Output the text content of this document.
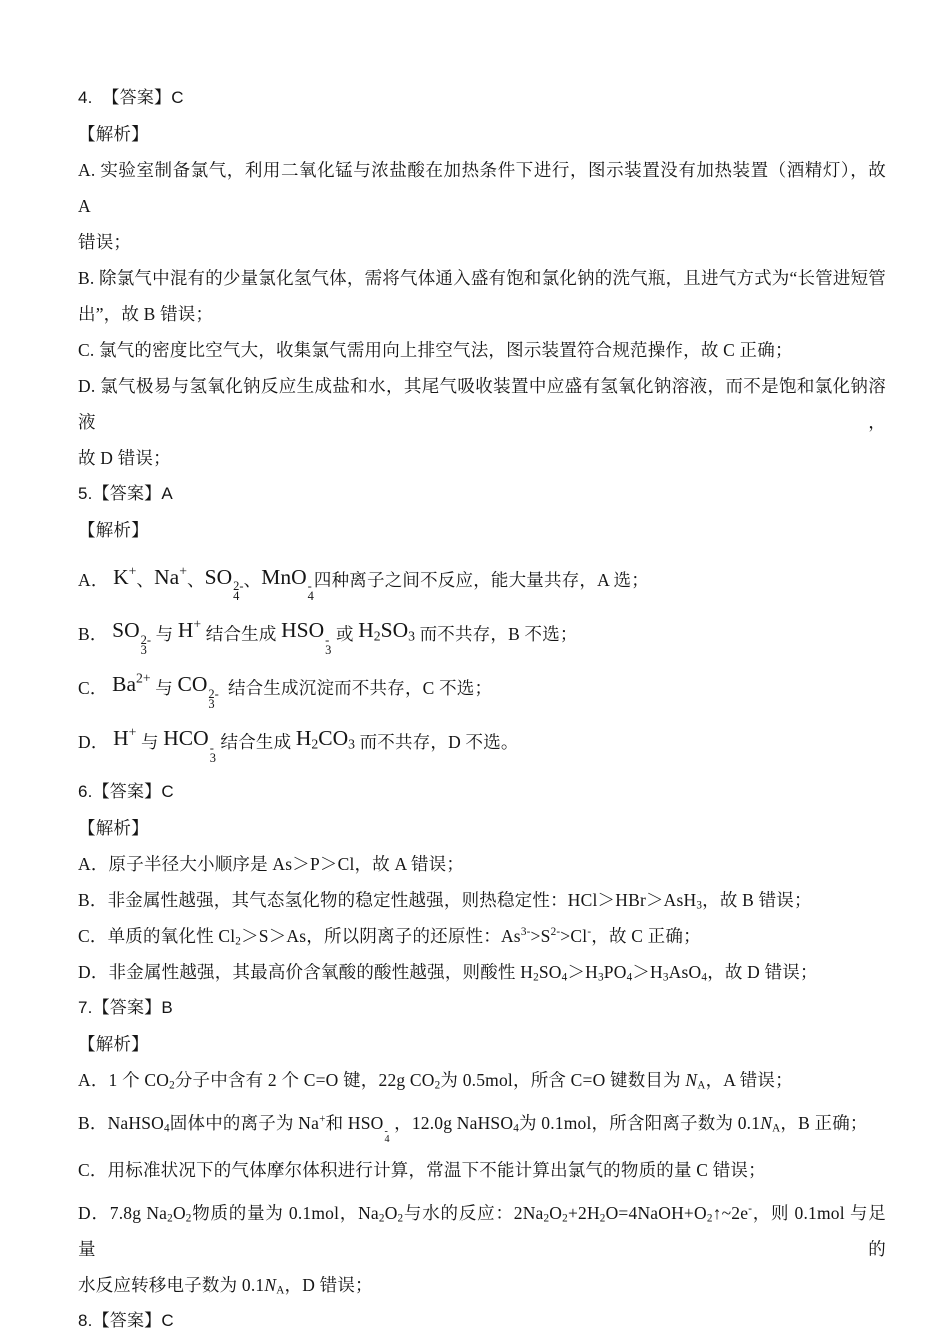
4.  【答案】C
【解析】
A. 实验室制备氯气，利用二氧化锰与浓盐酸在加热条件下进行，图示装置没有加热装置（酒精灯），故 A
错误；
B. 除氯气中混有的少量氯化氢气体，需将气体通入盛有饱和氯化钠的洗气瓶，且进气方式为“长管进短管
出”，故 B 错误；
C. 氯气的密度比空气大，收集氯气需用向上排空气法，图示装置符合规范操作，故 C 正确；
D. 氯气极易与氢氧化钠反应生成盐和水，其尾气吸收装置中应盛有氢氧化钠溶液，而不是饱和氯化钠溶液，
故 D 错误；
5.【答案】A
【解析】
A． K+、Na+、SO 2-
4
、MnO -
4
四种离子之间不反应，能大量共存，A 选；
B． SO 2-
3
与 H+ 结合生成 HSO -
3
或 $H_2SO_3$ 而不共存，B 不选；
C． $Ba^{2+}$ 与 CO 2-
3
结合生成沉淀而不共存，C 不选；
D． H+ 与 HCO -
3
结合生成 $H_2CO_3$ 而不共存，D 不选。
6.【答案】C
【解析】
A．原子半径大小顺序是 As＞P＞Cl，故 A 错误；
B．非金属性越强，其气态氢化物的稳定性越强，则热稳定性：HCl＞HBr＞AsH$_3$，故 B 错误；
C．单质的氧化性 $Cl_2>S>As$，所以阴离子的还原性：$As^{3-}>S^{2-}>Cl^-$，故 C 正确；
D．非金属性越强，其最高价含氧酸的酸性越强，则酸性 $H_2SO_4>H_3PO_4>H_3AsO_4$，故 D 错误；
7.【答案】B
【解析】
A．1 个 $CO_2$分子中含有 2 个 C=O 键，22g $CO_2$为 0.5mol，所含 C=O 键数目为 $N_A$，A 错误；
B．NaHSO$_4$固体中的离子为 Na+和 HSO -
4
，12.0g NaHSO$_4$为 0.1mol，所含阳离子数为 $0.1N_A$，B 正确；
C．用标准状况下的气体摩尔体积进行计算，常温下不能计算出氯气的物质的量 C 错误；
D．7.8g $Na_2O_2$物质的量为 0.1mol，$Na_2O_2$与水的反应：$2Na_2O_2+2H_2O=4NaOH+O_2↑\sim 2e^-$，则 0.1mol 与足量的
水反应转移电子数为 $0.1N_A$，D 错误；
8.【答案】C
